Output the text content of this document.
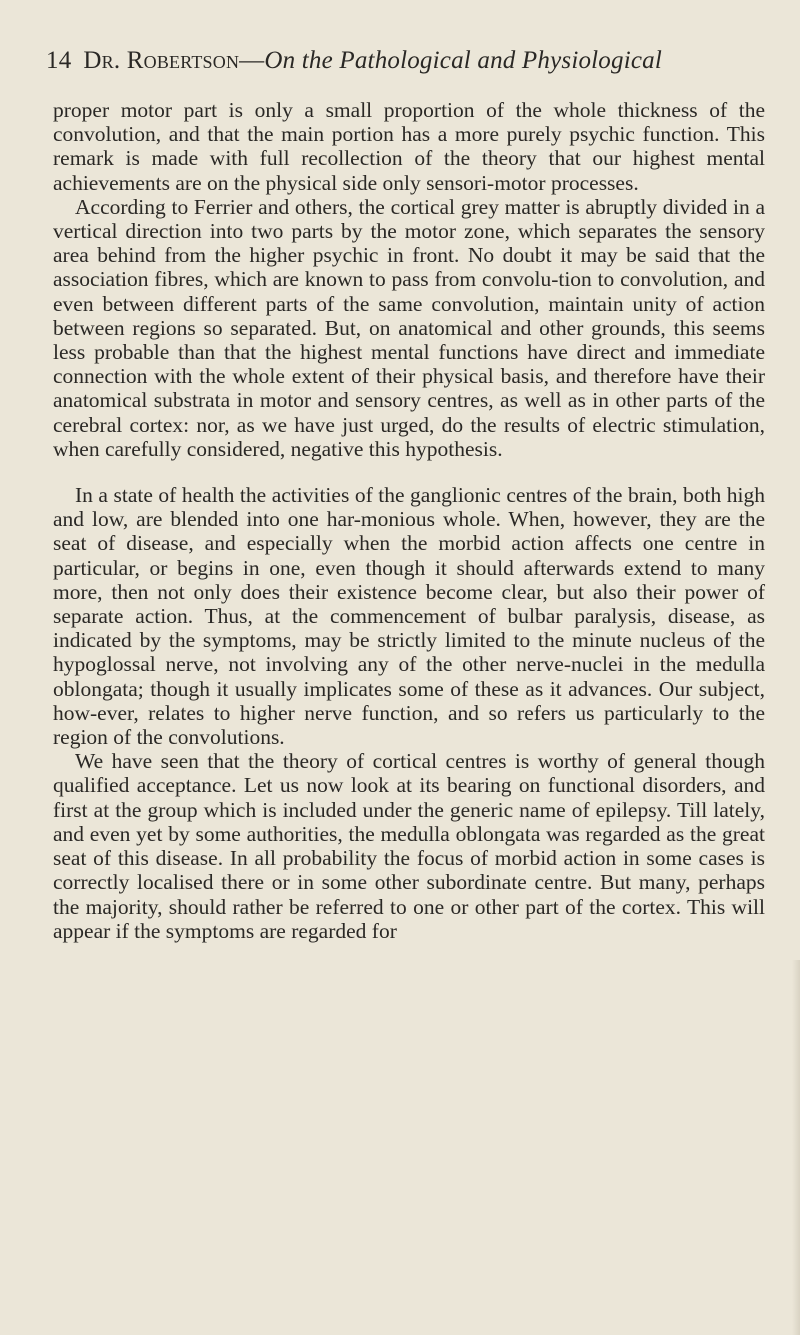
14 Dr. Robertson—On the Pathological and Physiological

proper motor part is only a small proportion of the whole thickness of the convolution, and that the main portion has a more purely psychic function. This remark is made with full recollection of the theory that our highest mental achievements are on the physical side only sensori-motor processes.

According to Ferrier and others, the cortical grey matter is abruptly divided in a vertical direction into two parts by the motor zone, which separates the sensory area behind from the higher psychic in front. No doubt it may be said that the association fibres, which are known to pass from convolu-tion to convolution, and even between different parts of the same convolution, maintain unity of action between regions so separated. But, on anatomical and other grounds, this seems less probable than that the highest mental functions have direct and immediate connection with the whole extent of their physical basis, and therefore have their anatomical substrata in motor and sensory centres, as well as in other parts of the cerebral cortex: nor, as we have just urged, do the results of electric stimulation, when carefully considered, negative this hypothesis.

In a state of health the activities of the ganglionic centres of the brain, both high and low, are blended into one har-monious whole. When, however, they are the seat of disease, and especially when the morbid action affects one centre in particular, or begins in one, even though it should afterwards extend to many more, then not only does their existence become clear, but also their power of separate action. Thus, at the commencement of bulbar paralysis, disease, as indicated by the symptoms, may be strictly limited to the minute nucleus of the hypoglossal nerve, not involving any of the other nerve-nuclei in the medulla oblongata; though it usually implicates some of these as it advances. Our subject, how-ever, relates to higher nerve function, and so refers us particularly to the region of the convolutions.

We have seen that the theory of cortical centres is worthy of general though qualified acceptance. Let us now look at its bearing on functional disorders, and first at the group which is included under the generic name of epilepsy. Till lately, and even yet by some authorities, the medulla oblongata was regarded as the great seat of this disease. In all probability the focus of morbid action in some cases is correctly localised there or in some other subordinate centre. But many, perhaps the majority, should rather be referred to one or other part of the cortex. This will appear if the symptoms are regarded for
